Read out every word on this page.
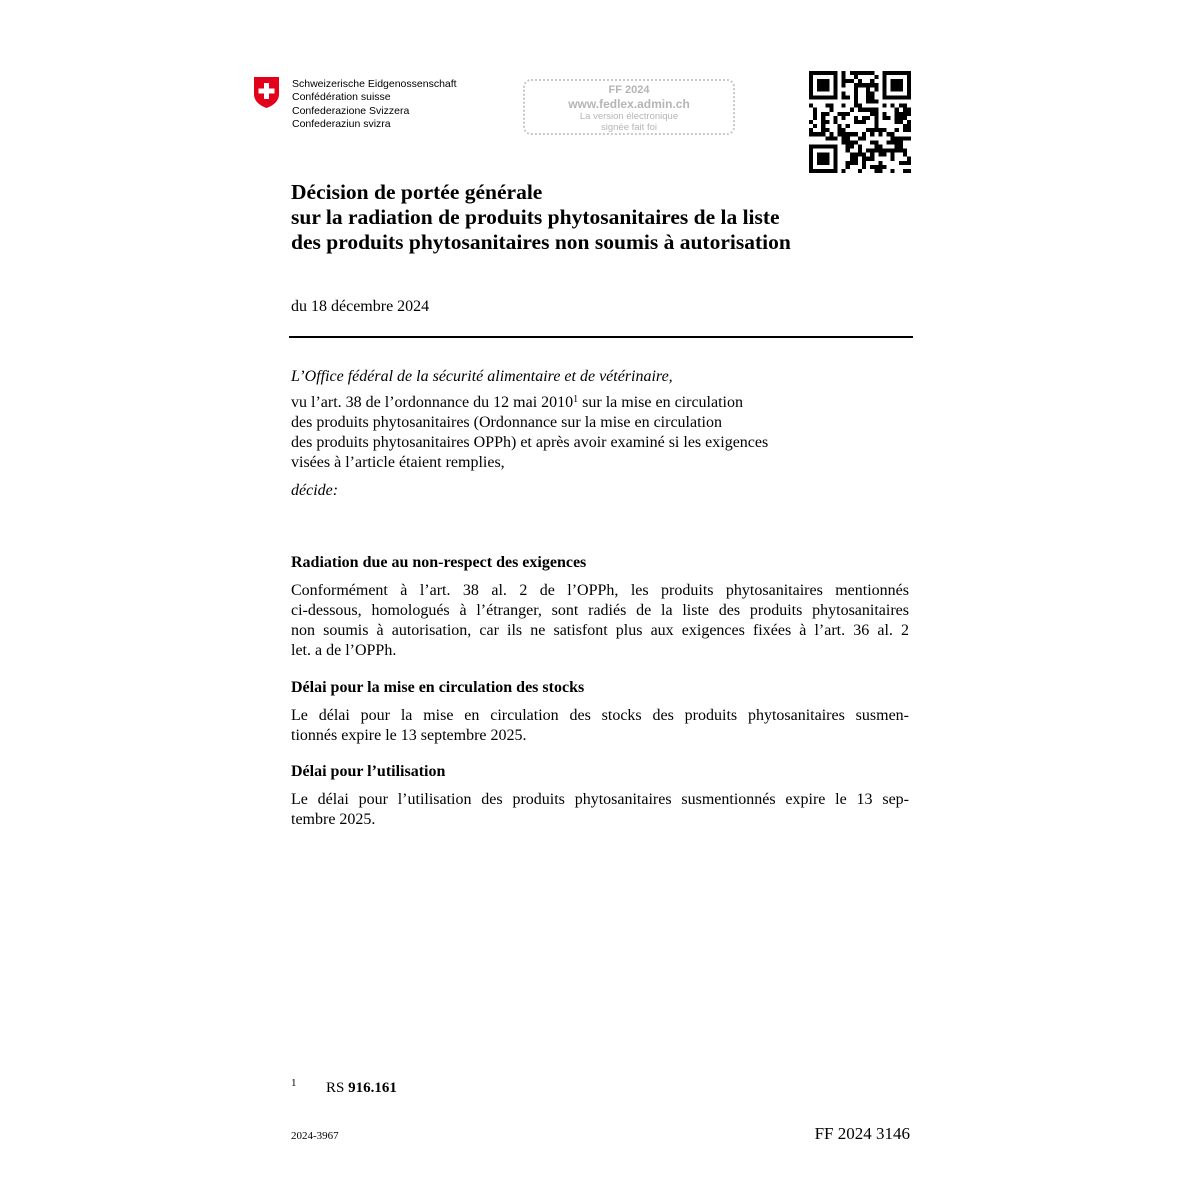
Schweizerische Eidgenossenschaft
Confédération suisse
Confederazione Svizzera
Confederaziun svizra
FF 2024
www.fedlex.admin.ch
La version électronique
signée fait foi
Décision de portée générale
sur la radiation de produits phytosanitaires de la liste
des produits phytosanitaires non soumis à autorisation
du 18 décembre 2024
L’Office fédéral de la sécurité alimentaire et de vétérinaire,
vu l’art. 38 de l’ordonnance du 12 mai 2010$^1$ sur la mise en circulation
des produits phytosanitaires (Ordonnance sur la mise en circulation
des produits phytosanitaires OPPh) et après avoir examiné si les exigences
visées à l’article étaient remplies,
décide:
Radiation due au non-respect des exigences
Conformément à l’art. 38 al. 2 de l’OPPh, les produits phytosanitaires mentionnés
ci-dessous, homologués à l’étranger, sont radiés de la liste des produits phytosanitaires
non soumis à autorisation, car ils ne satisfont plus aux exigences fixées à l’art. 36 al. 2
let. a de l’OPPh.
Délai pour la mise en circulation des stocks
Le délai pour la mise en circulation des stocks des produits phytosanitaires susmen-
tionnés expire le 13 septembre 2025.
Délai pour l’utilisation
Le délai pour l’utilisation des produits phytosanitaires susmentionnés expire le 13 sep-
tembre 2025.
1 RS 916.161
2024-3967	FF 2024 3146
